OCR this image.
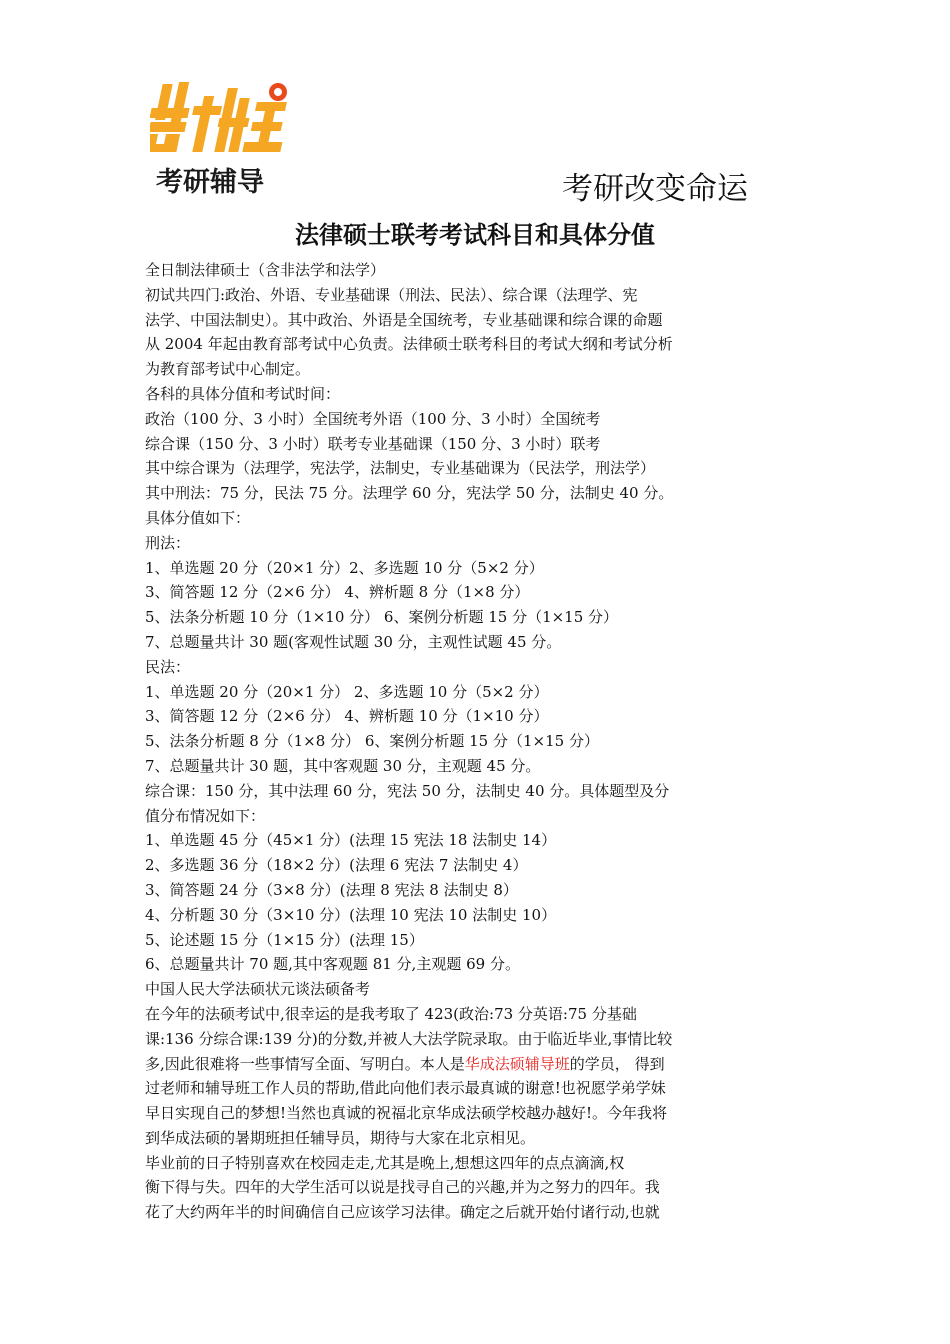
考研辅导	考研改变命运
法律硕士联考考试科目和具体分值
全日制法律硕士（含非法学和法学）
初试共四门:政治、外语、专业基础课（刑法、民法）、综合课（法理学、宪
法学、中国法制史）。其中政治、外语是全国统考，专业基础课和综合课的命题
从 2004 年起由教育部考试中心负责。法律硕士联考科目的考试大纲和考试分析
为教育部考试中心制定。
各科的具体分值和考试时间：
政治（100 分、3 小时）全国统考外语（100 分、3 小时）全国统考
综合课（150 分、3 小时）联考专业基础课（150 分、3 小时）联考
其中综合课为（法理学，宪法学，法制史，专业基础课为（民法学，刑法学）
其中刑法：75 分，民法 75 分。法理学 60 分，宪法学 50 分，法制史 40 分。
具体分值如下：
刑法：
1、单选题 20 分（20×1 分）2、多选题 10 分（5×2 分）
3、简答题 12 分（2×6 分） 4、辨析题 8 分（1×8 分）
5、法条分析题 10 分（1×10 分） 6、案例分析题 15 分（1×15 分）
7、总题量共计 30 题(客观性试题 30 分，主观性试题 45 分。
民法：
1、单选题 20 分（20×1 分） 2、多选题 10 分（5×2 分）
3、简答题 12 分（2×6 分） 4、辨析题 10 分（1×10 分）
5、法条分析题 8 分（1×8 分） 6、案例分析题 15 分（1×15 分）
7、总题量共计 30 题，其中客观题 30 分，主观题 45 分。
综合课：150 分，其中法理 60 分，宪法 50 分，法制史 40 分。具体题型及分
值分布情况如下：
1、单选题 45 分（45×1 分）(法理 15 宪法 18 法制史 14）
2、多选题 36 分（18×2 分）(法理 6 宪法 7 法制史 4）
3、简答题 24 分（3×8 分）(法理 8 宪法 8 法制史 8）
4、分析题 30 分（3×10 分）(法理 10 宪法 10 法制史 10）
5、论述题 15 分（1×15 分）(法理 15）
6、总题量共计 70 题,其中客观题 81 分,主观题 69 分。
中国人民大学法硕状元谈法硕备考
在今年的法硕考试中,很幸运的是我考取了 423(政治:73 分英语:75 分基础
课:136 分综合课:139 分)的分数,并被人大法学院录取。由于临近毕业,事情比较
多,因此很难将一些事情写全面、写明白。本人是华成法硕辅导班的学员， 得到
过老师和辅导班工作人员的帮助,借此向他们表示最真诚的谢意!也祝愿学弟学妹
早日实现自己的梦想!当然也真诚的祝福北京华成法硕学校越办越好!。今年我将
到华成法硕的暑期班担任辅导员，期待与大家在北京相见。
毕业前的日子特别喜欢在校园走走,尤其是晚上,想想这四年的点点滴滴,权
衡下得与失。四年的大学生活可以说是找寻自己的兴趣,并为之努力的四年。我
花了大约两年半的时间确信自己应该学习法律。确定之后就开始付诸行动,也就
